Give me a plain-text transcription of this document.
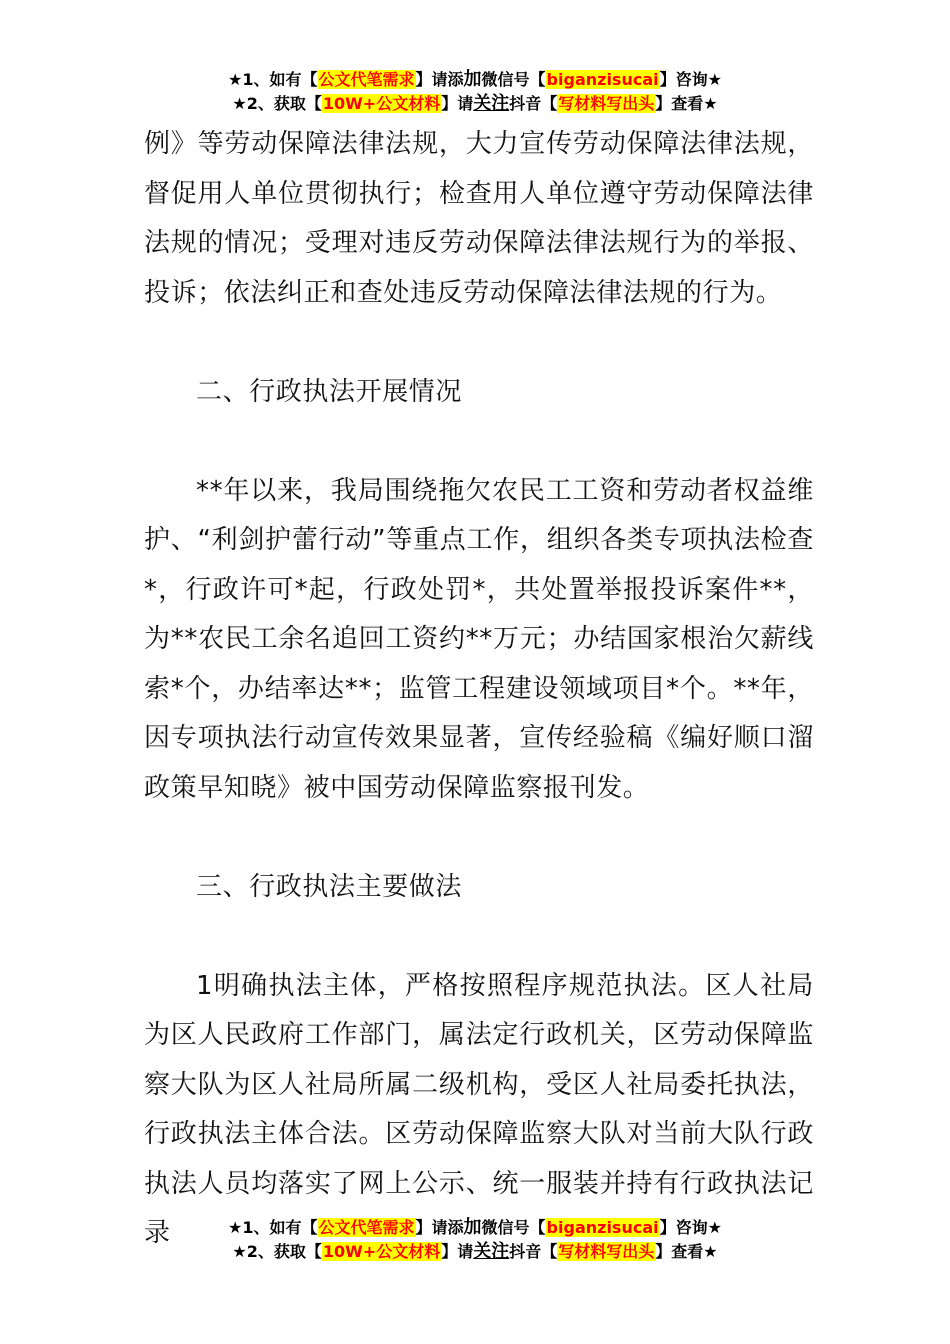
★1、如有【公文代笔需求】请添加微信号【biganzisucai】咨询★
★2、获取【10W+公文材料】请关注抖音【写材料写出头】查看★

例》等劳动保障法律法规，大力宣传劳动保障法律法规，督促用人单位贯彻执行；检查用人单位遵守劳动保障法律法规的情况；受理对违反劳动保障法律法规行为的举报、投诉；依法纠正和查处违反劳动保障法律法规的行为。

二、行政执法开展情况

**年以来，我局围绕拖欠农民工工资和劳动者权益维护、“利剑护蕾行动”等重点工作，组织各类专项执法检查*，行政许可*起，行政处罚*，共处置举报投诉案件**，为**农民工余名追回工资约**万元；办结国家根治欠薪线索*个，办结率达**；监管工程建设领域项目*个。**年，因专项执法行动宣传效果显著，宣传经验稿《编好顺口溜政策早知晓》被中国劳动保障监察报刊发。

三、行政执法主要做法

1明确执法主体，严格按照程序规范执法。区人社局为区人民政府工作部门，属法定行政机关，区劳动保障监察大队为区人社局所属二级机构，受区人社局委托执法，行政执法主体合法。区劳动保障监察大队对当前大队行政执法人员均落实了网上公示、统一服装并持有行政执法记录	★1、如有【公文代笔需求】请添加微信号【biganzisucai】咨询★
★2、获取【10W+公文材料】请关注抖音【写材料写出头】查看★
